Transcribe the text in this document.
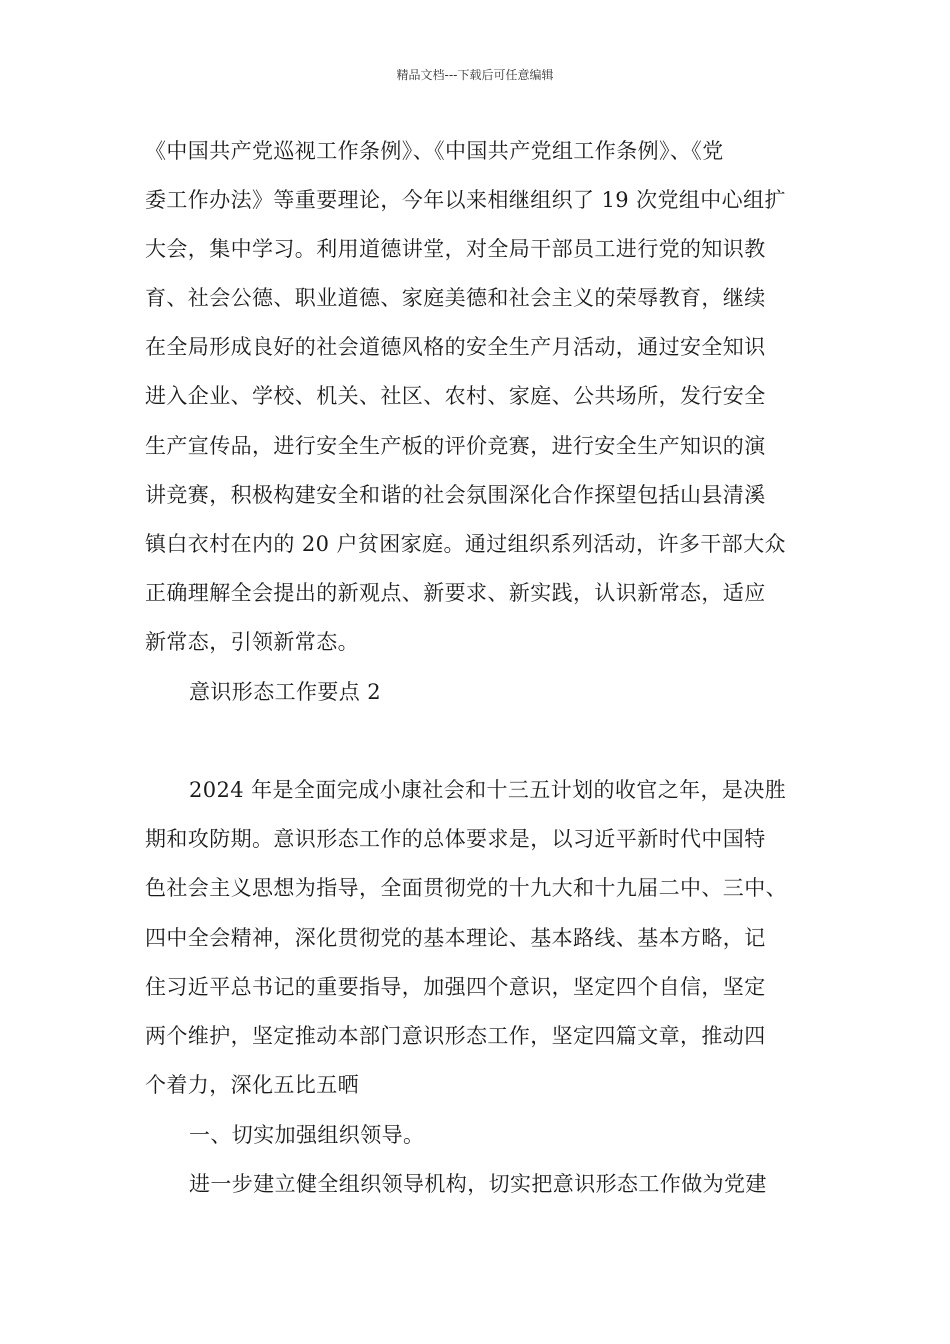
精品文档---下载后可任意编辑
《中国共产党巡视工作条例》、《中国共产党组工作条例》、《党
委工作办法》等重要理论，今年以来相继组织了 19 次党组中心组扩
大会，集中学习。利用道德讲堂，对全局干部员工进行党的知识教
育、社会公德、职业道德、家庭美德和社会主义的荣辱教育，继续
在全局形成良好的社会道德风格的安全生产月活动，通过安全知识
进入企业、学校、机关、社区、农村、家庭、公共场所，发行安全
生产宣传品，进行安全生产板的评价竞赛，进行安全生产知识的演
讲竞赛，积极构建安全和谐的社会氛围深化合作探望包括山县清溪
镇白衣村在内的 20 户贫困家庭。通过组织系列活动，许多干部大众
正确理解全会提出的新观点、新要求、新实践，认识新常态，适应
新常态，引领新常态。
意识形态工作要点 2
2024 年是全面完成小康社会和十三五计划的收官之年，是决胜
期和攻防期。意识形态工作的总体要求是，以习近平新时代中国特
色社会主义思想为指导，全面贯彻党的十九大和十九届二中、三中、
四中全会精神，深化贯彻党的基本理论、基本路线、基本方略，记
住习近平总书记的重要指导，加强四个意识，坚定四个自信，坚定
两个维护，坚定推动本部门意识形态工作，坚定四篇文章，推动四
个着力，深化五比五晒
一、切实加强组织领导。
进一步建立健全组织领导机构，切实把意识形态工作做为党建
